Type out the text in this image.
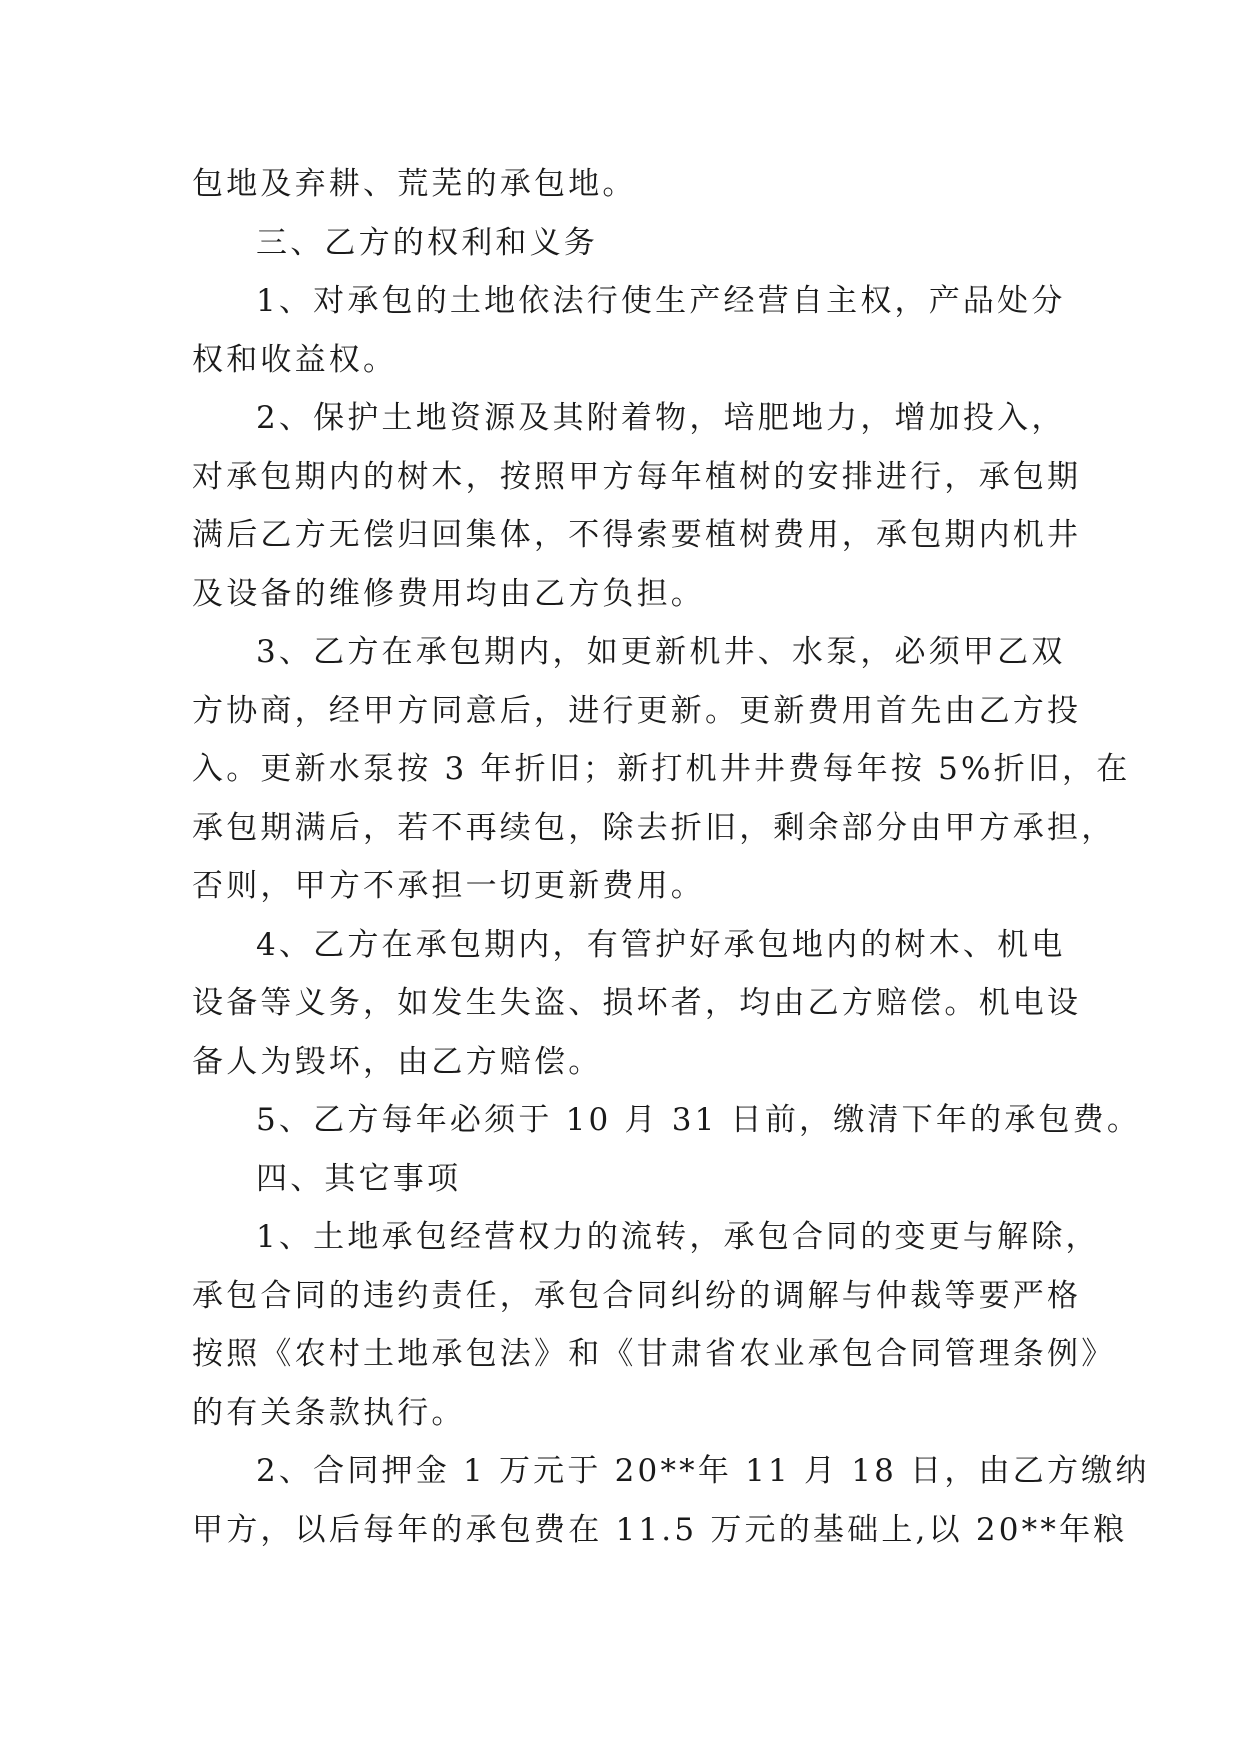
包地及弃耕、荒芜的承包地。
三、乙方的权利和义务
1、对承包的土地依法行使生产经营自主权，产品处分
权和收益权。
2、保护土地资源及其附着物，培肥地力，增加投入，
对承包期内的树木，按照甲方每年植树的安排进行，承包期
满后乙方无偿归回集体，不得索要植树费用，承包期内机井
及设备的维修费用均由乙方负担。
3、乙方在承包期内，如更新机井、水泵，必须甲乙双
方协商，经甲方同意后，进行更新。更新费用首先由乙方投
入。更新水泵按 3 年折旧；新打机井井费每年按 5%折旧，在
承包期满后，若不再续包，除去折旧，剩余部分由甲方承担，
否则，甲方不承担一切更新费用。
4、乙方在承包期内，有管护好承包地内的树木、机电
设备等义务，如发生失盗、损坏者，均由乙方赔偿。机电设
备人为毁坏，由乙方赔偿。
5、乙方每年必须于 10 月 31 日前，缴清下年的承包费。
四、其它事项
1、土地承包经营权力的流转，承包合同的变更与解除，
承包合同的违约责任，承包合同纠纷的调解与仲裁等要严格
按照《农村土地承包法》和《甘肃省农业承包合同管理条例》
的有关条款执行。
2、合同押金 1 万元于 20**年 11 月 18 日，由乙方缴纳
甲方，以后每年的承包费在 11.5 万元的基础上,以 20**年粮
